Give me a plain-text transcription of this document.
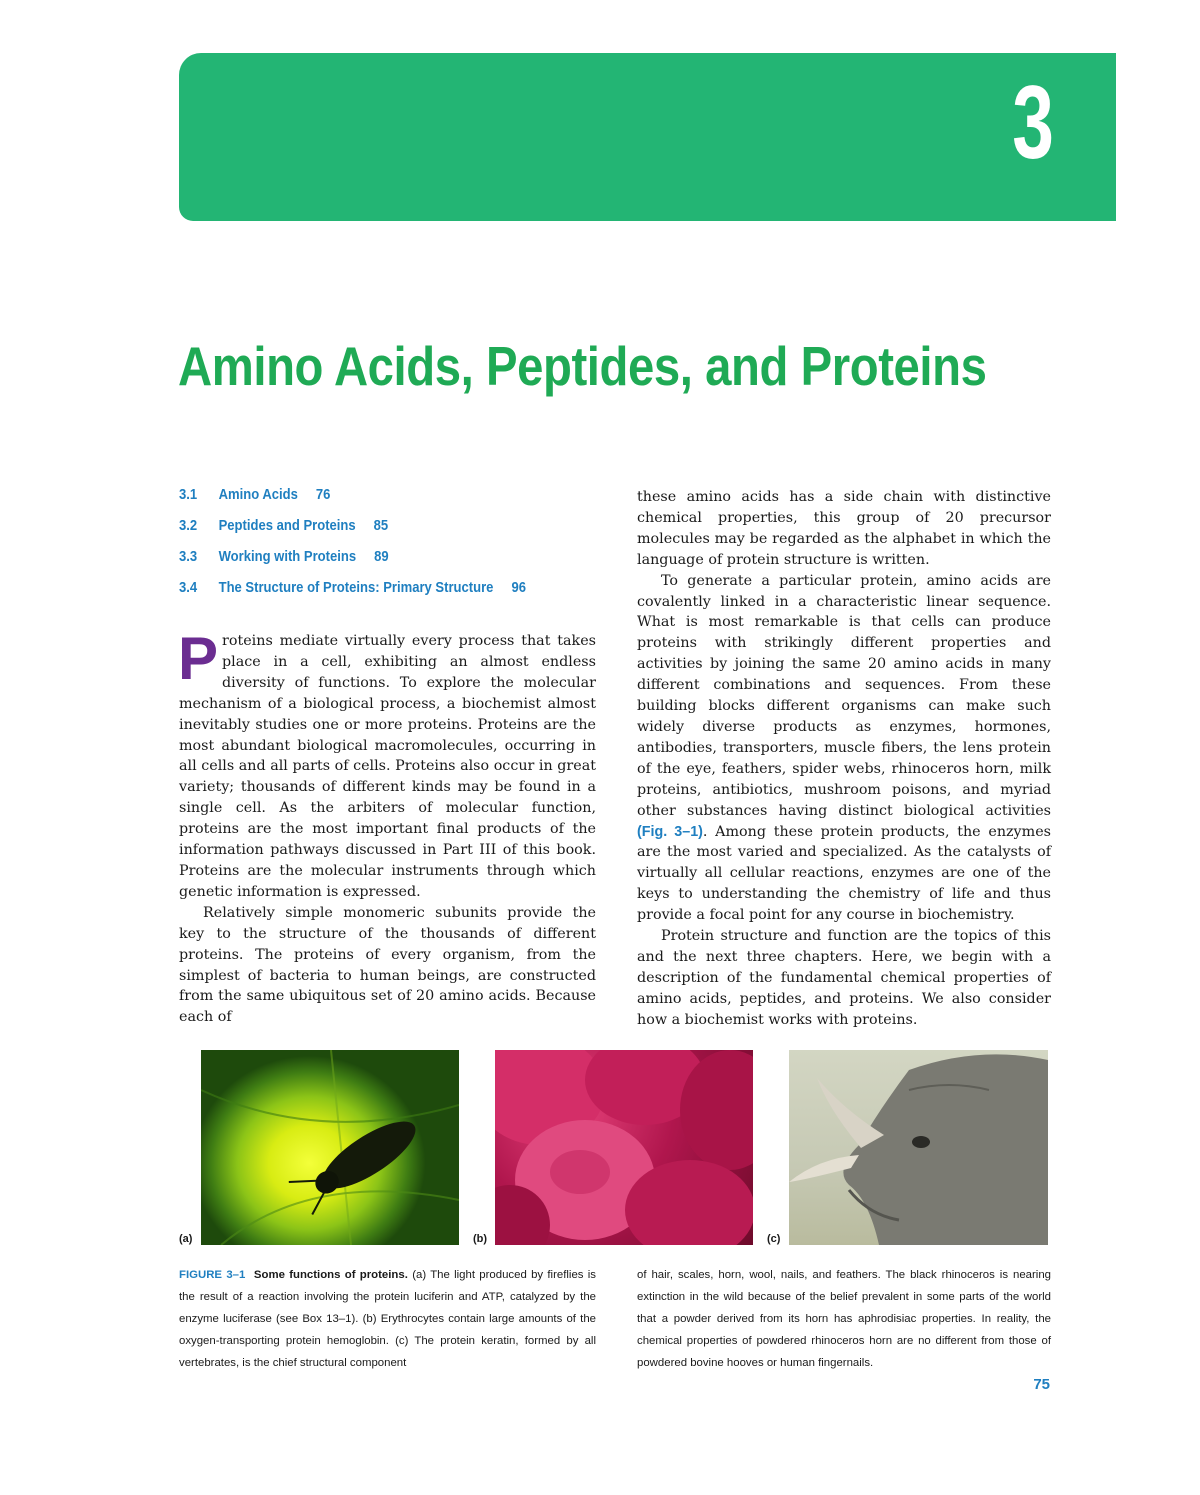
3
Amino Acids, Peptides, and Proteins
3.1	Amino Acids 76
3.2	Peptides and Proteins 85
3.3	Working with Proteins 89
3.4	The Structure of Proteins: Primary Structure 96

Proteins mediate virtually every process that takes place in a cell, exhibiting an almost endless diversity of functions. To explore the molecular mechanism of a biological process, a biochemist almost inevitably studies one or more proteins. Proteins are the most abundant biological macromolecules, occurring in all cells and all parts of cells. Proteins also occur in great variety; thousands of different kinds may be found in a single cell. As the arbiters of molecular function, proteins are the most important final products of the information pathways discussed in Part III of this book. Proteins are the molecular instruments through which genetic information is expressed.

Relatively simple monomeric subunits provide the key to the structure of the thousands of different proteins. The proteins of every organism, from the simplest of bacteria to human beings, are constructed from the same ubiquitous set of 20 amino acids. Because each of

these amino acids has a side chain with distinctive chemical properties, this group of 20 precursor molecules may be regarded as the alphabet in which the language of protein structure is written.

To generate a particular protein, amino acids are covalently linked in a characteristic linear sequence. What is most remarkable is that cells can produce proteins with strikingly different properties and activities by joining the same 20 amino acids in many different combinations and sequences. From these building blocks different organisms can make such widely diverse products as enzymes, hormones, antibodies, transporters, muscle fibers, the lens protein of the eye, feathers, spider webs, rhinoceros horn, milk proteins, antibiotics, mushroom poisons, and myriad other substances having distinct biological activities (Fig. 3–1). Among these protein products, the enzymes are the most varied and specialized. As the catalysts of virtually all cellular reactions, enzymes are one of the keys to understanding the chemistry of life and thus provide a focal point for any course in biochemistry.

Protein structure and function are the topics of this and the next three chapters. Here, we begin with a description of the fundamental chemical properties of amino acids, peptides, and proteins. We also consider how a biochemist works with proteins.

(a)	(b)	(c)
FIGURE 3–1 Some functions of proteins. (a) The light produced by fireflies is the result of a reaction involving the protein luciferin and ATP, catalyzed by the enzyme luciferase (see Box 13–1). (b) Erythrocytes contain large amounts of the oxygen-transporting protein hemoglobin. (c) The protein keratin, formed by all vertebrates, is the chief structural component
of hair, scales, horn, wool, nails, and feathers. The black rhinoceros is nearing extinction in the wild because of the belief prevalent in some parts of the world that a powder derived from its horn has aphrodisiac properties. In reality, the chemical properties of powdered rhinoceros horn are no different from those of powdered bovine hooves or human fingernails.
75
